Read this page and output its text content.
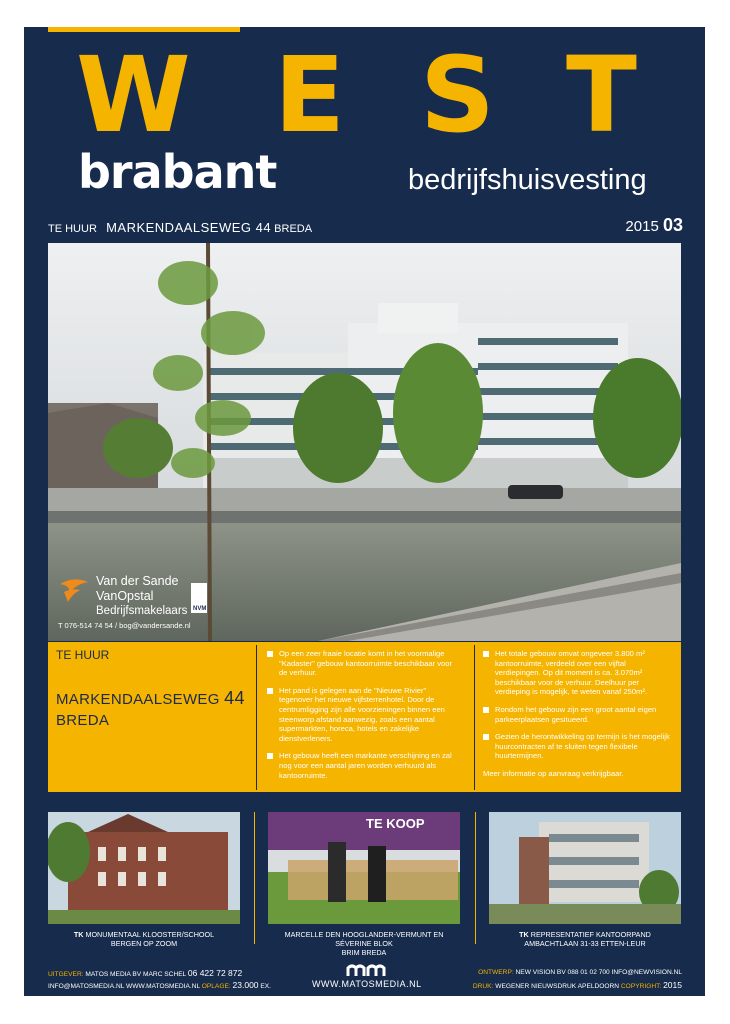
W E S T
brabant	bedrijfshuisvesting
TE HUUR MARKENDAALSEWEG 44 BREDA	2015 03
Van der Sande
VanOpstal
Bedrijfsmakelaars
T 076-514 74 54 / bog@vandersande.nl
NVM
TE HUUR
MARKENDAALSEWEG 44
BREDA
Op een zeer fraaie locatie komt in het voormalige "Kadaster" gebouw kantoorruimte beschikbaar voor de verhuur.
Het pand is gelegen aan de "Nieuwe Rivier" tegenover het nieuwe vijfsterrenhotel. Door de centrumligging zijn alle voorzieningen binnen een steenworp afstand aanwezig, zoals een aantal supermarkten, horeca, hotels en zakelijke dienstverleners.
Het gebouw heeft een markante verschijning en zal nog voor een aantal jaren worden verhuurd als kantoorruimte.
Het totale gebouw omvat ongeveer 3.800 m² kantoorruimte, verdeeld over een vijftal verdiepingen. Op dit moment is ca. 3.070m² beschikbaar voor de verhuur. Deelhuur per verdieping is mogelijk, te weten vanaf 250m².
Rondom het gebouw zijn een groot aantal eigen parkeerplaatsen gesitueerd.
Gezien de herontwikkeling op termijn is het mogelijk huurcontracten af te sluiten tegen flexibele huurtermijnen.
Meer informatie op aanvraag verkrijgbaar.
TE KOOP
TK MONUMENTAAL KLOOSTER/SCHOOL
BERGEN OP ZOOM
MARCELLE DEN HOOGLANDER-VERMUNT EN SÉVERINE BLOK
BRIM BREDA
TK REPRESENTATIEF KANTOORPAND
AMBACHTLAAN 31-33 ETTEN-LEUR
UITGEVER: MATOS MEDIA BV MARC SCHEL 06 422 72 872
INFO@MATOSMEDIA.NL WWW.MATOSMEDIA.NL OPLAGE: 23.000 EX.	WWW.MATOSMEDIA.NL
ONTWERP: NEW VISION BV 088 01 02 700 INFO@NEWVISION.NL
DRUK: WEGENER NIEUWSDRUK APELDOORN COPYRIGHT: 2015
